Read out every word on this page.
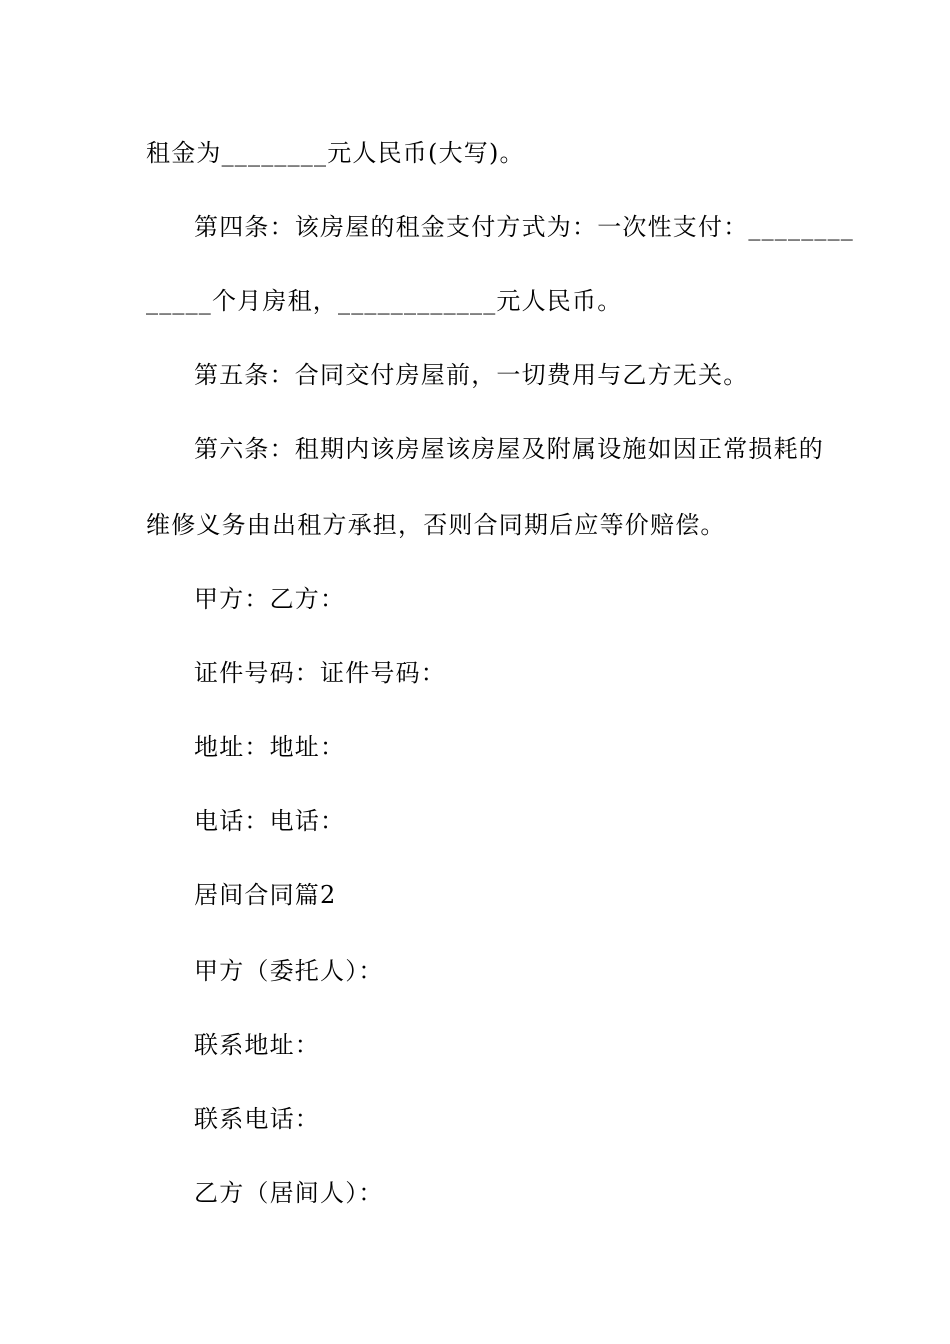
租金为________元人民币(大写)。
第四条：该房屋的租金支付方式为：一次性支付：________
_____个月房租，____________元人民币。
第五条：合同交付房屋前，一切费用与乙方无关。
第六条：租期内该房屋该房屋及附属设施如因正常损耗的
维修义务由出租方承担，否则合同期后应等价赔偿。
甲方：乙方：
证件号码：证件号码：
地址：地址：
电话：电话：
居间合同篇2
甲方（委托人）：
联系地址：
联系电话：
乙方（居间人）：
